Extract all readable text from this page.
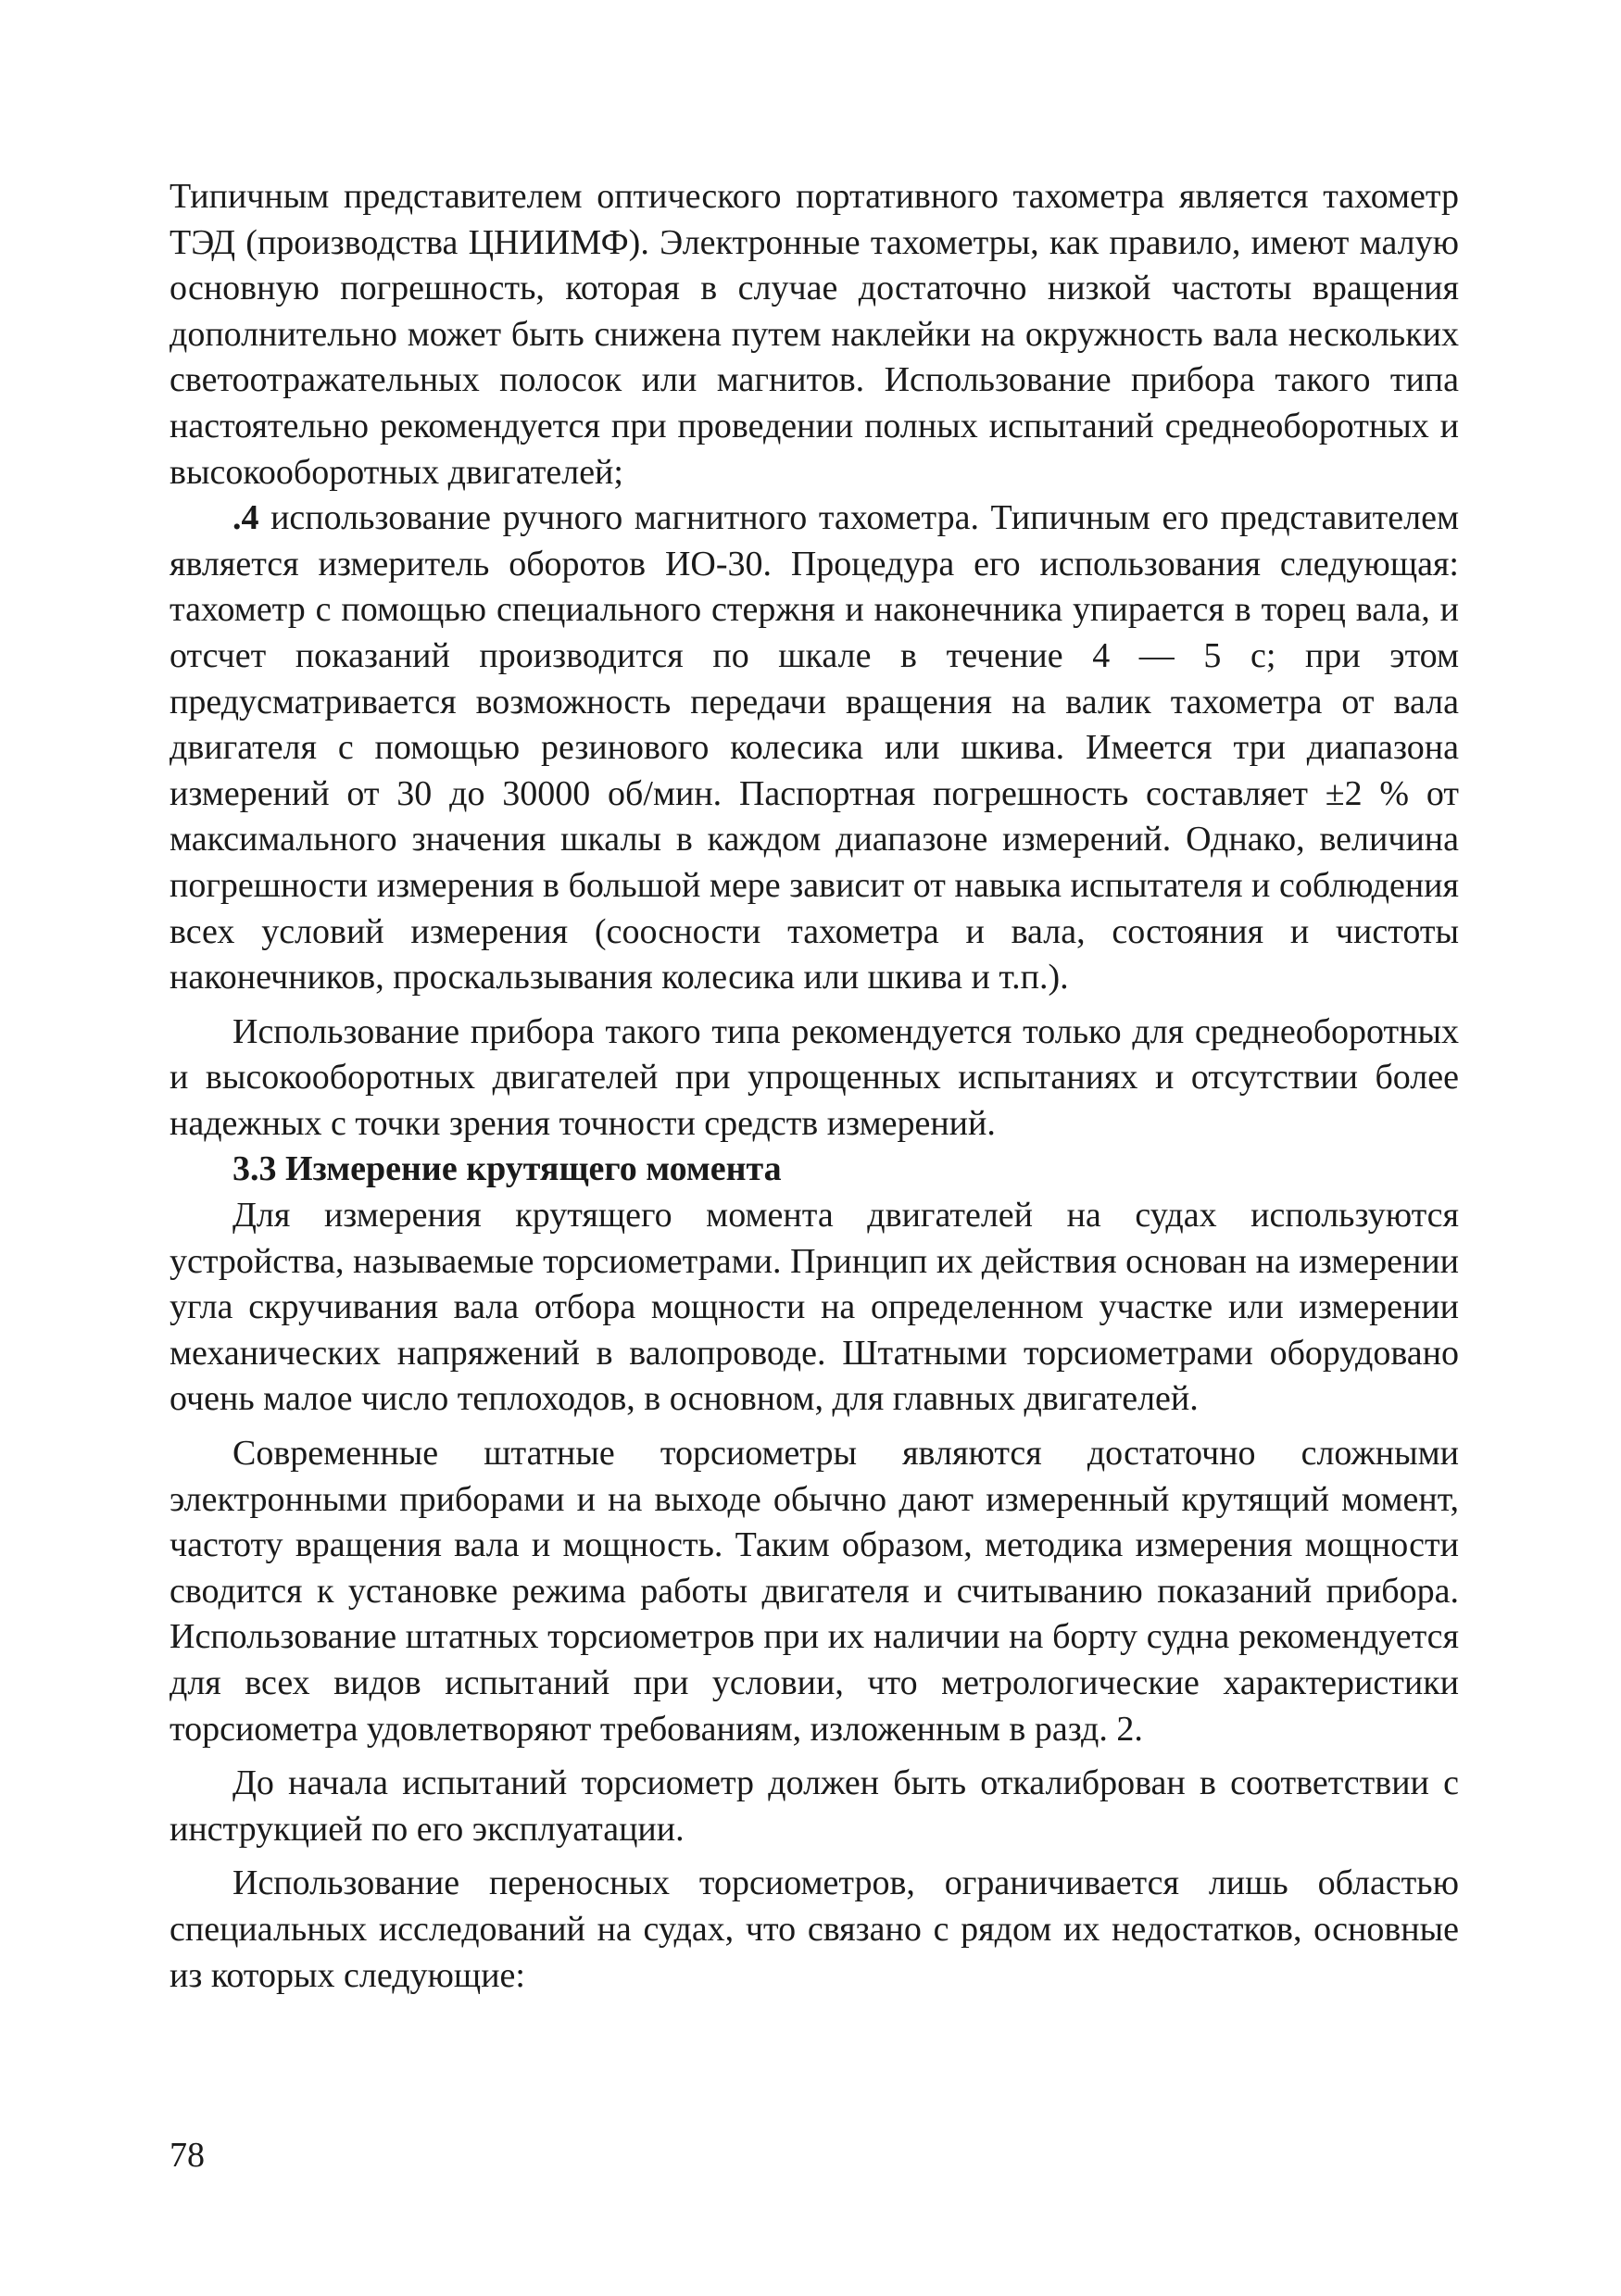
Типичным представителем оптического портативного тахометра является тахометр ТЭД (производства ЦНИИМФ). Электронные тахометры, как правило, имеют малую основную погрешность, которая в случае достаточно низкой частоты вращения дополнительно может быть снижена путем наклейки на окружность вала нескольких светоотражательных полосок или магнитов. Использование прибора такого типа настоятельно рекомендуется при проведении полных испытаний среднеоборотных и высокооборотных двигателей;

.4 использование ручного магнитного тахометра. Типичным его представителем является измеритель оборотов ИО-30. Процедура его использования следующая: тахометр с помощью специального стержня и наконечника упирается в торец вала, и отсчет показаний производится по шкале в течение 4 — 5 с; при этом предусматривается возможность передачи вращения на валик тахометра от вала двигателя с помощью резинового колесика или шкива. Имеется три диапазона измерений от 30 до 30000 об/мин. Паспортная погрешность составляет ±2 % от максимального значения шкалы в каждом диапазоне измерений. Однако, величина погрешности измерения в большой мере зависит от навыка испытателя и соблюдения всех условий измерения (соосности тахометра и вала, состояния и чистоты наконечников, проскальзывания колесика или шкива и т.п.).

Использование прибора такого типа рекомендуется только для среднеоборотных и высокооборотных двигателей при упрощенных испытаниях и отсутствии более надежных с точки зрения точности средств измерений.

3.3 Измерение крутящего момента

Для измерения крутящего момента двигателей на судах используются устройства, называемые торсиометрами. Принцип их действия основан на измерении угла скручивания вала отбора мощности на определенном участке или измерении механических напряжений в валопроводе. Штатными торсиометрами оборудовано очень малое число теплоходов, в основном, для главных двигателей.

Современные штатные торсиометры являются достаточно сложными электронными приборами и на выходе обычно дают измеренный крутящий момент, частоту вращения вала и мощность. Таким образом, методика измерения мощности сводится к установке режима работы двигателя и считыванию показаний прибора. Использование штатных торсиометров при их наличии на борту судна рекомендуется для всех видов испытаний при условии, что метрологические характеристики торсиометра удовлетворяют требованиям, изложенным в разд. 2.

До начала испытаний торсиометр должен быть откалиброван в соответствии с инструкцией по его эксплуатации.

Использование переносных торсиометров, ограничивается лишь областью специальных исследований на судах, что связано с рядом их недостатков, основные из которых следующие:

78
